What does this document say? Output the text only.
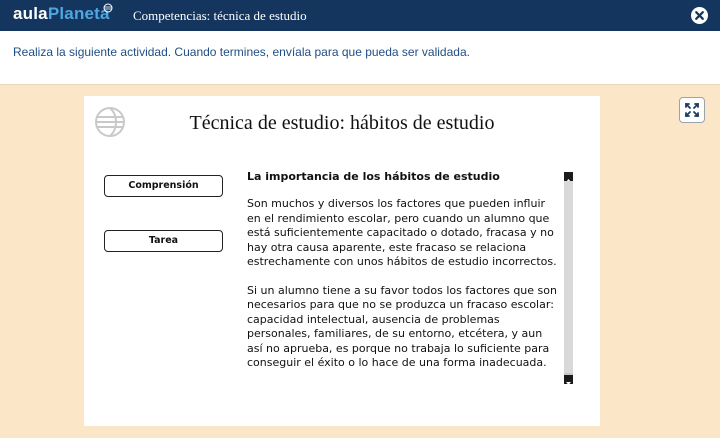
aulaPlaneta Competencias: técnica de estudio
Realiza la siguiente actividad. Cuando termines, envíala para que pueda ser validada.
Técnica de estudio: hábitos de estudio
Comprensión
Tarea
La importancia de los hábitos de estudio

Son muchos y diversos los factores que pueden influir en el rendimiento escolar, pero cuando un alumno que está suficientemente capacitado o dotado, fracasa y no hay otra causa aparente, este fracaso se relaciona estrechamente con unos hábitos de estudio incorrectos.

Si un alumno tiene a su favor todos los factores que son necesarios para que no se produzca un fracaso escolar: capacidad intelectual, ausencia de problemas personales, familiares, de su entorno, etcétera, y aun así no aprueba, es porque no trabaja lo suficiente para conseguir el éxito o lo hace de una forma inadecuada.
